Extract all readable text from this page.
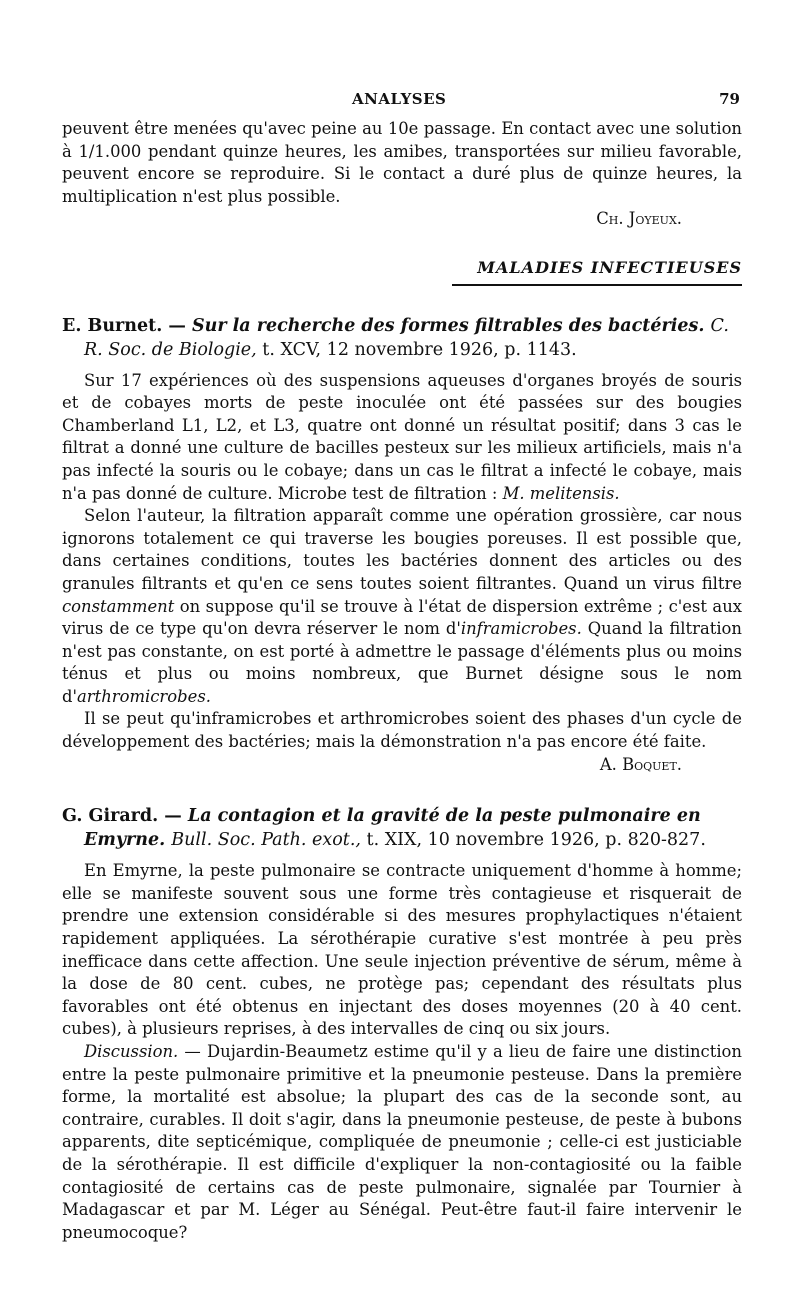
ANALYSES	79

peuvent être menées qu'avec peine au 10e passage. En contact avec une solution à 1/1.000 pendant quinze heures, les amibes, transportées sur milieu favorable, peuvent encore se reproduire. Si le contact a duré plus de quinze heures, la multiplication n'est plus possible.

Ch. Joyeux.
MALADIES INFECTIEUSES

E. Burnet. — Sur la recherche des formes filtrables des bactéries. C. R. Soc. de Biologie, t. XCV, 12 novembre 1926, p. 1143.

Sur 17 expériences où des suspensions aqueuses d'organes broyés de souris et de cobayes morts de peste inoculée ont été passées sur des bougies Chamberland L1, L2, et L3, quatre ont donné un résultat positif; dans 3 cas le filtrat a donné une culture de bacilles pesteux sur les milieux artificiels, mais n'a pas infecté la souris ou le cobaye; dans un cas le filtrat a infecté le cobaye, mais n'a pas donné de culture. Microbe test de filtration : M. melitensis.

Selon l'auteur, la filtration apparaît comme une opération grossière, car nous ignorons totalement ce qui traverse les bougies poreuses. Il est possible que, dans certaines conditions, toutes les bactéries donnent des articles ou des granules filtrants et qu'en ce sens toutes soient filtrantes. Quand un virus filtre constamment on suppose qu'il se trouve à l'état de dispersion extrême ; c'est aux virus de ce type qu'on devra réserver le nom d'inframicrobes. Quand la filtration n'est pas constante, on est porté à admettre le passage d'éléments plus ou moins ténus et plus ou moins nombreux, que Burnet désigne sous le nom d'arthromicrobes.

Il se peut qu'inframicrobes et arthromicrobes soient des phases d'un cycle de développement des bactéries; mais la démonstration n'a pas encore été faite.

A. Boquet.

G. Girard. — La contagion et la gravité de la peste pulmonaire en Emyrne. Bull. Soc. Path. exot., t. XIX, 10 novembre 1926, p. 820-827.

En Emyrne, la peste pulmonaire se contracte uniquement d'homme à homme; elle se manifeste souvent sous une forme très contagieuse et risquerait de prendre une extension considérable si des mesures prophylactiques n'étaient rapidement appliquées. La sérothérapie curative s'est montrée à peu près inefficace dans cette affection. Une seule injection préventive de sérum, même à la dose de 80 cent. cubes, ne protège pas; cependant des résultats plus favorables ont été obtenus en injectant des doses moyennes (20 à 40 cent. cubes), à plusieurs reprises, à des intervalles de cinq ou six jours.

Discussion. — Dujardin-Beaumetz estime qu'il y a lieu de faire une distinction entre la peste pulmonaire primitive et la pneumonie pesteuse. Dans la première forme, la mortalité est absolue; la plupart des cas de la seconde sont, au contraire, curables. Il doit s'agir, dans la pneumonie pesteuse, de peste à bubons apparents, dite septicémique, compliquée de pneumonie ; celle-ci est justiciable de la sérothérapie. Il est difficile d'expliquer la non-contagiosité ou la faible contagiosité de certains cas de peste pulmonaire, signalée par Tournier à Madagascar et par M. Léger au Sénégal. Peut-être faut-il faire intervenir le pneumocoque?
